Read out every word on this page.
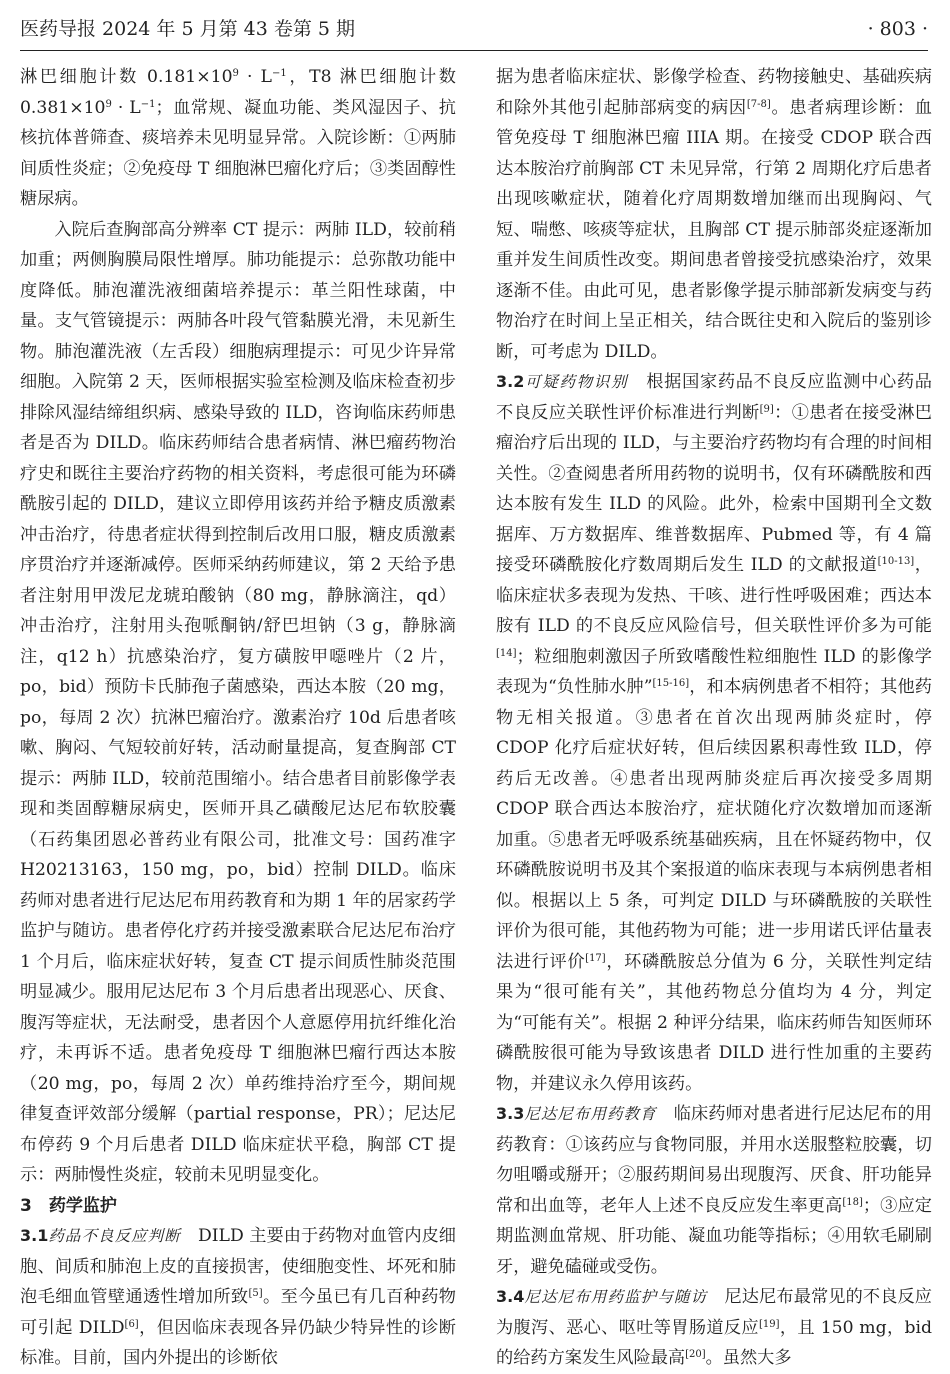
医药导报 2024 年 5 月第 43 卷第 5 期	· 803 ·

淋巴细胞计数 $0.181\times 10^9 \cdot L^{-1}$，T8 淋巴细胞计数 $0.381\times 10^9 \cdot L^{-1}$；血常规、凝血功能、类风湿因子、抗核抗体普筛查、痰培养未见明显异常。入院诊断：①两肺间质性炎症；②免疫母 T 细胞淋巴瘤化疗后；③类固醇性糖尿病。

入院后查胸部高分辨率 CT 提示：两肺 ILD，较前稍加重；两侧胸膜局限性增厚。肺功能提示：总弥散功能中度降低。肺泡灌洗液细菌培养提示：革兰阳性球菌，中量。支气管镜提示：两肺各叶段气管黏膜光滑，未见新生物。肺泡灌洗液（左舌段）细胞病理提示：可见少许异常细胞。入院第 2 天，医师根据实验室检测及临床检查初步排除风湿结缔组织病、感染导致的 ILD，咨询临床药师患者是否为 DILD。临床药师结合患者病情、淋巴瘤药物治疗史和既往主要治疗药物的相关资料，考虑很可能为环磷酰胺引起的 DILD，建议立即停用该药并给予糖皮质激素冲击治疗，待患者症状得到控制后改用口服，糖皮质激素序贯治疗并逐渐减停。医师采纳药师建议，第 2 天给予患者注射用甲泼尼龙琥珀酸钠（80 mg，静脉滴注，qd）冲击治疗，注射用头孢哌酮钠/舒巴坦钠（3 g，静脉滴注，q12 h）抗感染治疗，复方磺胺甲噁唑片（2 片，po，bid）预防卡氏肺孢子菌感染，西达本胺（20 mg，po，每周 2 次）抗淋巴瘤治疗。激素治疗 10d 后患者咳嗽、胸闷、气短较前好转，活动耐量提高，复查胸部 CT 提示：两肺 ILD，较前范围缩小。结合患者目前影像学表现和类固醇糖尿病史，医师开具乙磺酸尼达尼布软胶囊（石药集团恩必普药业有限公司，批准文号：国药准字 H20213163，150 mg，po，bid）控制 DILD。临床药师对患者进行尼达尼布用药教育和为期 1 年的居家药学监护与随访。患者停化疗药并接受激素联合尼达尼布治疗 1 个月后，临床症状好转，复查 CT 提示间质性肺炎范围明显减少。服用尼达尼布 3 个月后患者出现恶心、厌食、腹泻等症状，无法耐受，患者因个人意愿停用抗纤维化治疗，未再诉不适。患者免疫母 T 细胞淋巴瘤行西达本胺（20 mg，po，每周 2 次）单药维持治疗至今，期间规律复查评效部分缓解（partial response，PR）；尼达尼布停药 9 个月后患者 DILD 临床症状平稳，胸部 CT 提示：两肺慢性炎症，较前未见明显变化。

3　药学监护

3.1药品不良反应判断　DILD 主要由于药物对血管内皮细胞、间质和肺泡上皮的直接损害，使细胞变性、坏死和肺泡毛细血管壁通透性增加所致[5]。至今虽已有几百种药物可引起 DILD[6]，但因临床表现各异仍缺少特异性的诊断标准。目前，国内外提出的诊断依

据为患者临床症状、影像学检查、药物接触史、基础疾病和除外其他引起肺部病变的病因[7-8]。患者病理诊断：血管免疫母 T 细胞淋巴瘤 IIIA 期。在接受 CDOP 联合西达本胺治疗前胸部 CT 未见异常，行第 2 周期化疗后患者出现咳嗽症状，随着化疗周期数增加继而出现胸闷、气短、喘憋、咳痰等症状，且胸部 CT 提示肺部炎症逐渐加重并发生间质性改变。期间患者曾接受抗感染治疗，效果逐渐不佳。由此可见，患者影像学提示肺部新发病变与药物治疗在时间上呈正相关，结合既往史和入院后的鉴别诊断，可考虑为 DILD。

3.2可疑药物识别　根据国家药品不良反应监测中心药品不良反应关联性评价标准进行判断[9]：①患者在接受淋巴瘤治疗后出现的 ILD，与主要治疗药物均有合理的时间相关性。②查阅患者所用药物的说明书，仅有环磷酰胺和西达本胺有发生 ILD 的风险。此外，检索中国期刊全文数据库、万方数据库、维普数据库、Pubmed 等，有 4 篇接受环磷酰胺化疗数周期后发生 ILD 的文献报道[10-13]，临床症状多表现为发热、干咳、进行性呼吸困难；西达本胺有 ILD 的不良反应风险信号，但关联性评价多为可能[14]；粒细胞刺激因子所致嗜酸性粒细胞性 ILD 的影像学表现为“负性肺水肿”[15-16]，和本病例患者不相符；其他药物无相关报道。③患者在首次出现两肺炎症时，停 CDOP 化疗后症状好转，但后续因累积毒性致 ILD，停药后无改善。④患者出现两肺炎症后再次接受多周期 CDOP 联合西达本胺治疗，症状随化疗次数增加而逐渐加重。⑤患者无呼吸系统基础疾病，且在怀疑药物中，仅环磷酰胺说明书及其个案报道的临床表现与本病例患者相似。根据以上 5 条，可判定 DILD 与环磷酰胺的关联性评价为很可能，其他药物为可能；进一步用诺氏评估量表法进行评价[17]，环磷酰胺总分值为 6 分，关联性判定结果为“很可能有关”，其他药物总分值均为 4 分，判定为“可能有关”。根据 2 种评分结果，临床药师告知医师环磷酰胺很可能为导致该患者 DILD 进行性加重的主要药物，并建议永久停用该药。

3.3尼达尼布用药教育　临床药师对患者进行尼达尼布的用药教育：①该药应与食物同服，并用水送服整粒胶囊，切勿咀嚼或掰开；②服药期间易出现腹泻、厌食、肝功能异常和出血等，老年人上述不良反应发生率更高[18]；③应定期监测血常规、肝功能、凝血功能等指标；④用软毛刷刷牙，避免磕碰或受伤。

3.4尼达尼布用药监护与随访　尼达尼布最常见的不良反应为腹泻、恶心、呕吐等胃肠道反应[19]，且 150 mg，bid 的给药方案发生风险最高[20]。虽然大多
